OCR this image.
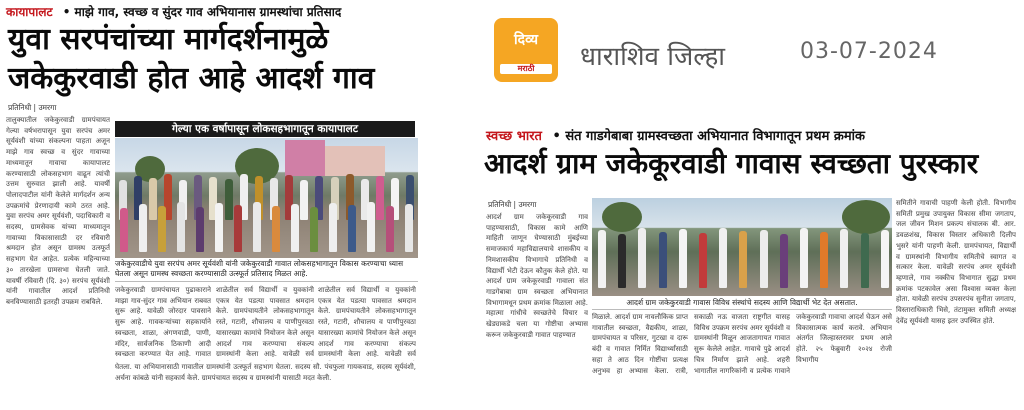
कायापालट • माझे गाव, स्वच्छ व सुंदर गाव अभियानास ग्रामस्थांचा प्रतिसाद
युवा सरपंचांच्या मार्गदर्शनामुळे
जकेकुरवाडी होत आहे आदर्श गाव
प्रतिनिधी | उमरगा
तालुक्यातील जकेकुरवाडी ग्रामपंचायत गेल्या वर्षभरापासून युवा सरपंच अमर सूर्यवंशी यांच्या संकल्पना पाहता अजून माझे गाव स्वच्छ व सुंदर गावाच्या माध्यमातून गावाचा कायापालट करण्यासाठी लोकसहभाग वाढून त्यांची उत्तम सुरुवात झाली आहे. यावर्षी पोलादपाटील यांनी केलेले मार्गदर्शन अन्य उपक्रमांचे प्रेरणादायी कामे ठरत आहे. युवा सरपंच अमर सूर्यवंशी, पदाधिकारी व सदस्य, ग्रामसेवक यांच्या माध्यमातून गावाच्या विकासासाठी दर रविवारी श्रमदान होत असून ग्रामस्थ उत्स्फूर्त सहभाग घेत आहेत. प्रत्येक महिन्याच्या ३० तारखेला ग्रामसभा घेतली जाते. यावर्षी रविवारी (दि. ३०) सरपंच सूर्यवंशी यांनी गावातील आदर्श प्रतिनिधी बनविण्यासाठी इतरही उपक्रम राबविले.
गेल्या एक वर्षापासून लोकसहभागातून कायापालट
जकेकुरवाडीचे युवा सरपंच अमर सूर्यवंशी यांनी जकेकुरवाडी गावात लोकसहभागातून विकास करण्याचा ध्यास घेतला असून ग्रामस्थ स्वच्छता करण्यासाठी उत्स्फूर्त प्रतिसाद मिळत आहे.
जकेकुरवाडी ग्रामपंचायत पुढाकाराने माझा गाव-सुंदर गाव अभियान राबवत सुरू आहे. यावेळी जोरदार पावसाने सुरू आहे. गावकऱ्यांच्या सहकार्याने स्वच्छता, शाळा, अंगणवाडी, पाणी, मंदिर, सार्वजनिक ठिकाणी आदी स्वच्छता करण्यात येत आहे. गावात
शाळेतील सर्व विद्यार्थी व युवकांनी एकत्र येत पडत्या पावसात श्रमदान केले. ग्रामपंचायतीने लोकसहभागातून रस्ते, गटारी, शौचालय व पाणीपुरवठा यासारख्या कामांचे नियोजन केले असून आदर्श गाव करण्याचा संकल्प ग्रामस्थांनी केला आहे. यावेळी सर्व
शाळेतील सर्व विद्यार्थी व युवकांनी एकत्र येत पडत्या पावसात श्रमदान केले. ग्रामपंचायतीने लोकसहभागातून रस्ते, गटारी, शौचालय व पाणीपुरवठा यासारख्या कामांचे नियोजन केले असून आदर्श गाव करण्याचा संकल्प ग्रामस्थांनी केला आहे. यावेळी सर्व
घेतला. या अभियानासाठी गावातील ग्रामस्थांनी उत्स्फूर्त सहभाग घेतला. सदस्य सौ. पंचफुला गायकवाड, सदस्य सूर्यवंशी, अर्चना कांबळे यांनी सहकार्य केले. ग्रामपंचायत सदस्य व ग्रामस्थांनी यासाठी मदत केली.
दिव्य
मराठी	धाराशिव जिल्हा	03-07-2024
स्वच्छ भारत • संत गाडगेबाबा ग्रामस्वच्छता अभियानात विभागातून प्रथम क्रमांक
आदर्श ग्राम जकेकूरवाडी गावास स्वच्छता पुरस्कार
प्रतिनिधी | उमरगा
आदर्श ग्राम जकेकूरवाडी गाव पाहण्यासाठी, विकास कामे आणि माहिती जाणून घेण्यासाठी मुंबईच्या समाजकार्य महाविद्यालयाचे शासकीय व निमशासकीय विभागाचे प्रतिनिधी व विद्यार्थी भेटी देऊन कौतुक केले होते. या आदर्श ग्राम जकेकूरवाडी गावाला संत गाडगेबाबा ग्राम स्वच्छता अभियानात विभागामधून प्रथम क्रमांक मिळाला आहे. महात्मा गांधीचे स्वच्छतेचे विचार व खेड्याकडे चला या गोष्टीचा अभ्यास करून जकेकुरवाडी गावात पाहण्यात
आदर्श ग्राम जकेकुरवाडी गावास विविध संस्थांचे सदस्य आणि विद्यार्थी भेट देत असतात.
मिळाले. आदर्श ग्राम नावलौकिक प्राप्त गावातील स्वच्छता, वैद्यकीय, शाळा, ग्रामपंचायत व परिसर, गुटखा व दारू बंदी व गावात निर्मित विद्यार्थ्यांसाठी सहा ते आठ दिन गोष्टींचा प्रत्यक्ष अनुभव हा अभ्यास केला. रात्री, सकाळी नऊ वाजता राष्ट्रगीत यासह विविध उपक्रम सरपंच अमर सूर्यवंशी व ग्रामस्थांनी मिळून आजतागायत गावात सुरू केलेले आहेत. गावाचे पुढे आदर्श चित्र निर्माण झाले आहे. शहरी भागातील नागरिकांनी व प्रत्येक गावाने जकेकुरवाडी गावाचा आदर्श घेऊन असे विकासात्मक कार्य करावे. अभियान अंतर्गत जिल्हास्तरावर प्रथम आले होते. २५ फेब्रुवारी २०२४ रोजी विभागीय
समितीने गावाची पाहणी केली होती. विभागीय समिती प्रमुख उपायुक्त विकास सीमा जगताप, जल जीवन मिशन प्रकल्प संचालक बी. आर. डवळशंख, विकास विस्तार अधिकारी दिलीप भुसरे यांनी पाहणी केली. ग्रामपंचायत, विद्यार्थी व ग्रामस्थांनी विभागीय समितीचे स्वागत व सत्कार केला. यावेळी सरपंच अमर सूर्यवंशी म्हणाले, गाव नक्कीच विभागात सुद्धा प्रथम क्रमांक पटकावेल असा विश्वास व्यक्त केला होता. यावेळी सरपंच उपसरपंच सुनीता जगताप, विस्ताराधिकारी भिसे, तंटामुक्त समिती अध्यक्ष देवेंद्र सूर्यवंशी यासह इतर उपस्थित होते.
